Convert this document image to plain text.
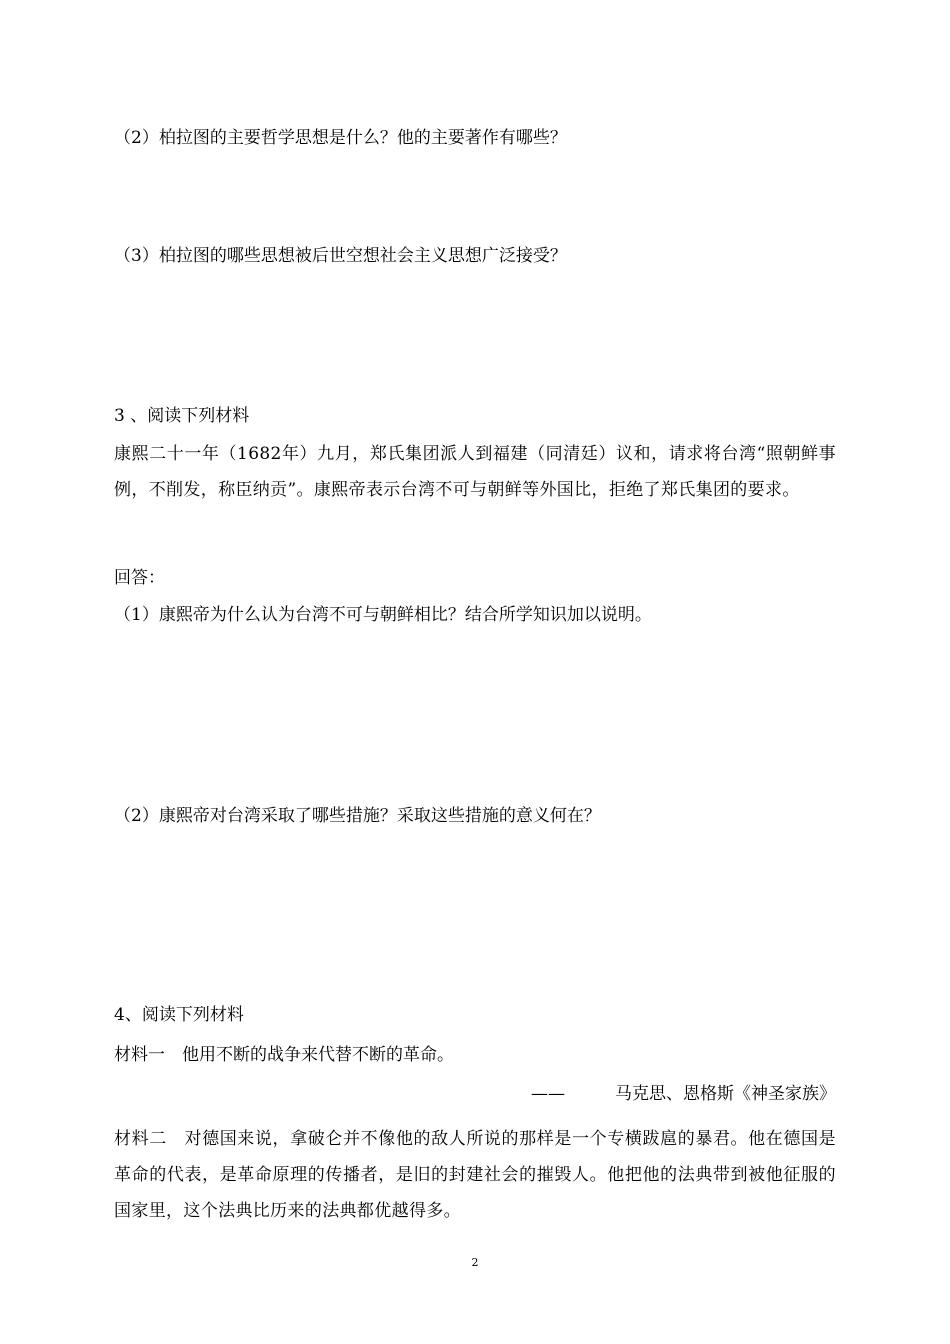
（2）柏拉图的主要哲学思想是什么？他的主要著作有哪些？
（3）柏拉图的哪些思想被后世空想社会主义思想广泛接受？
3 、阅读下列材料
康熙二十一年（1682年）九月，郑氏集团派人到福建（同清廷）议和，请求将台湾“照朝鲜事例，不削发，称臣纳贡”。康熙帝表示台湾不可与朝鲜等外国比，拒绝了郑氏集团的要求。
回答：
（1）康熙帝为什么认为台湾不可与朝鲜相比？结合所学知识加以说明。
（2）康熙帝对台湾采取了哪些措施？采取这些措施的意义何在？
4、阅读下列材料
材料一　他用不断的战争来代替不断的革命。
——	马克思、恩格斯《神圣家族》
材料二　对德国来说，拿破仑并不像他的敌人所说的那样是一个专横跋扈的暴君。他在德国是革命的代表，是革命原理的传播者，是旧的封建社会的摧毁人。他把他的法典带到被他征服的国家里，这个法典比历来的法典都优越得多。
2
